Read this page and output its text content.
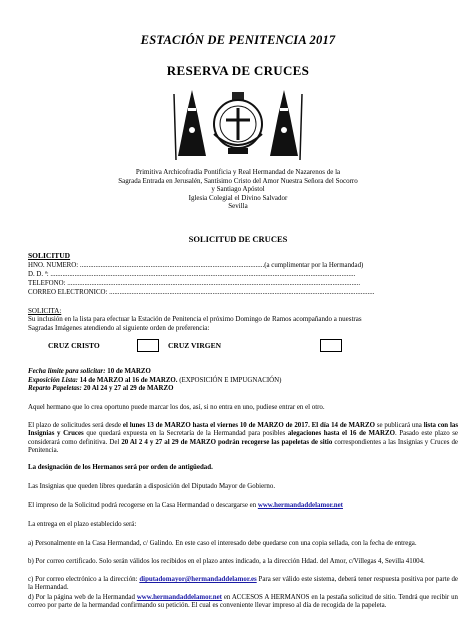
ESTACIÓN DE PENITENCIA 2017
RESERVA DE CRUCES
Primitiva Archicofradía Pontificia y Real Hermandad de Nazarenos de la
Sagrada Entrada en Jerusalén, Santísimo Cristo del Amor Nuestra Señora del Socorro
y Santiago Apóstol
Iglesia Colegial el Divino Salvador
Sevilla
SOLICITUD DE CRUCES
SOLICITUD
HNO. NÚMERO: ...........................................................................................................(a cumplimentar por la Hermandad)
D. D. ª: .................................................................................................................................................................................
TELÉFONO: ..........................................................................................................................................................................
CORREO ELECTRÓNICO: ..........................................................................................................................................................
SOLICITA:
Su inclusión en la lista para efectuar la Estación de Penitencia el próximo Domingo de Ramos acompañando a nuestras
Sagradas Imágenes atendiendo al siguiente orden de preferencia:
CRUZ CRISTO	CRUZ VIRGEN
Fecha límite para solicitar: 10 de MARZO
Exposición Lista: 14 de MARZO al 16 de MARZO. (EXPOSICIÓN E IMPUGNACIÓN)
Reparto Papeletas: 20 Al 24 y 27 al 29 de MARZO
Aquel hermano que lo crea oportuno puede marcar los dos, así, si no entra en uno, pudiese entrar en el otro.
El plazo de solicitudes será desde el lunes 13 de MARZO hasta el viernes 10 de MARZO de 2017. El día 14 de MARZO se publicará una lista con las Insignias y Cruces que quedará expuesta en la Secretaría de la Hermandad para posibles alegaciones hasta el 16 de MARZO. Pasado este plazo se considerará como definitiva. Del 20 Al 2 4 y 27 al 29 de MARZO podrán recogerse las papeletas de sitio correspondientes a las Insignias y Cruces de Penitencia.
La designación de los Hermanos será por orden de antigüedad.
Las Insignias que queden libres quedarán a disposición del Diputado Mayor de Gobierno.
El impreso de la Solicitud podrá recogerse en la Casa Hermandad o descargarse en www.hermandaddelamor.net
La entrega en el plazo establecido será:
a) Personalmente en la Casa Hermandad, c/ Galindo. En este caso el interesado debe quedarse con una copia sellada, con la fecha de entrega.
b) Por correo certificado. Solo serán válidos los recibidos en el plazo antes indicado, a la dirección Hdad. del Amor, c/Villegas 4, Sevilla 41004.
c) Por correo electrónico a la dirección: diputadomayor@hermandaddelamor.es Para ser válido este sistema, deberá tener respuesta positiva por parte de la Hermandad.
d) Por la página web de la Hermandad www.hermandaddelamor.net en ACCESOS A HERMANOS en la pestaña solicitud de sitio. Tendrá que recibir un correo por parte de la hermandad confirmando su petición. El cual es conveniente llevar impreso al día de recogida de la papeleta.
